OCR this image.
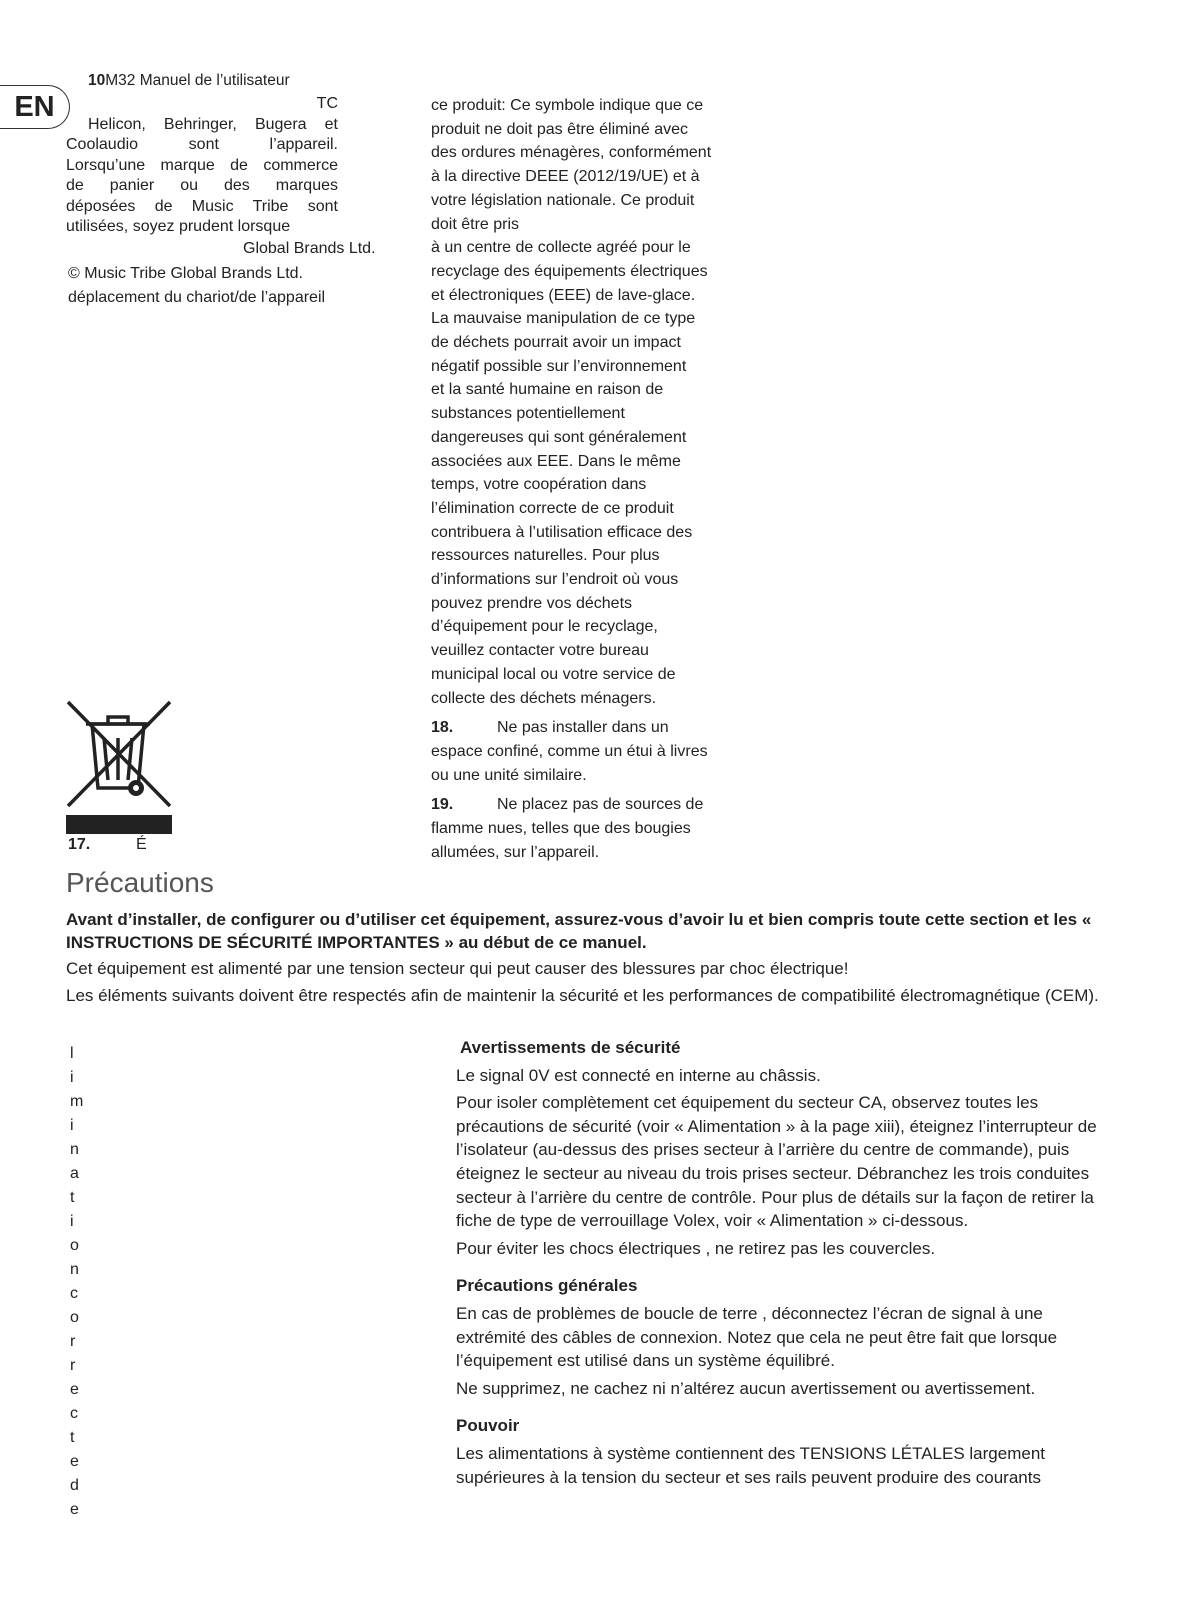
EN
10M32 Manuel de l’utilisateur
TC
Helicon, Behringer, Bugera et
Coolaudio sont l’appareil.
Lorsqu’une marque de commerce
de panier ou des marques
déposées de Music Tribe sont
utilisées, soyez prudent lorsque
Global Brands Ltd.
© Music Tribe Global Brands Ltd.
déplacement du chariot/de l’appareil
17.	É

ce produit: Ce symbole indique que ce
produit ne doit pas être éliminé avec
des ordures ménagères, conformément
à la directive DEEE (2012/19/UE) et à
votre législation nationale. Ce produit
doit être pris
à un centre de collecte agréé pour le
recyclage des équipements électriques
et électroniques (EEE) de lave-glace.
La mauvaise manipulation de ce type
de déchets pourrait avoir un impact
négatif possible sur l’environnement
et la santé humaine en raison de
substances potentiellement
dangereuses qui sont généralement
associées aux EEE. Dans le même
temps, votre coopération dans
l’élimination correcte de ce produit
contribuera à l’utilisation efficace des
ressources naturelles. Pour plus
d’informations sur l’endroit où vous
pouvez prendre vos déchets
d’équipement pour le recyclage,
veuillez contacter votre bureau
municipal local ou votre service de
collecte des déchets ménagers.

18.	Ne pas installer dans un
espace confiné, comme un étui à livres
ou une unité similaire.

19.	Ne placez pas de sources de
flamme nues, telles que des bougies
allumées, sur l’appareil.

Précautions
Avant d’installer, de configurer ou d’utiliser cet équipement, assurez-vous d’avoir lu et bien compris toute cette section et les « INSTRUCTIONS DE SÉCURITÉ IMPORTANTES » au début de ce manuel.
Cet équipement est alimenté par une tension secteur qui peut causer des blessures par choc électrique!
Les éléments suivants doivent être respectés afin de maintenir la sécurité et les performances de compatibilité électromagnétique (CEM).
l
i
m
i
n
a
t
i
o
n
c
o
r
r
e
c
t
e
d
e
Avertissements de sécurité

Le signal 0V est connecté en interne au châssis.

Pour isoler complètement cet équipement du secteur CA, observez toutes les précautions de sécurité (voir « Alimentation » à la page xiii), éteignez l’interrupteur de l’isolateur (au-dessus des prises secteur à l’arrière du centre de commande), puis éteignez le secteur au niveau du trois prises secteur. Débranchez les trois conduites secteur à l’arrière du centre de contrôle. Pour plus de détails sur la façon de retirer la fiche de type de verrouillage Volex, voir « Alimentation » ci-dessous.

Pour éviter les chocs électriques , ne retirez pas les couvercles.

Précautions générales

En cas de problèmes de boucle de terre , déconnectez l’écran de signal à une extrémité des câbles de connexion. Notez que cela ne peut être fait que lorsque l’équipement est utilisé dans un système équilibré.

Ne supprimez, ne cachez ni n’altérez aucun avertissement ou avertissement.

Pouvoir

Les alimentations à système contiennent des TENSIONS LÉTALES largement supérieures à la tension du secteur et ses rails peuvent produire des courants
